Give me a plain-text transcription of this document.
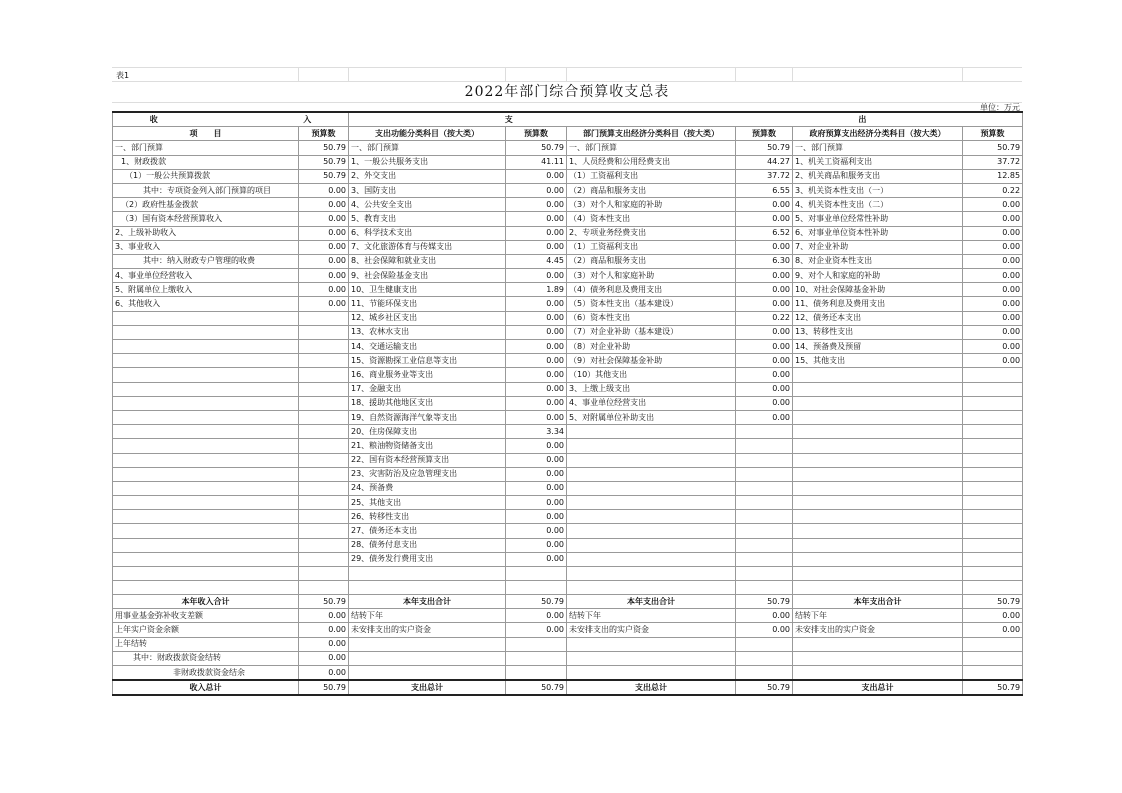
表1
2022年部门综合预算收支总表
单位：万元
收 入		支 出					
项　　目	预算数	支出功能分类科目（按大类）	预算数	部门预算支出经济分类科目（按大类）	预算数	政府预算支出经济分类科目（按大类）	预算数
一、部门预算	50.79	一、部门预算	50.79	一、部门预算	50.79	一、部门预算	50.79
1、财政拨款	50.79	1、一般公共服务支出	41.11	1、人员经费和公用经费支出	44.27	1、机关工资福利支出	37.72
（1）一般公共预算拨款	50.79	2、外交支出	0.00	（1）工资福利支出	37.72	2、机关商品和服务支出	12.85
其中：专项资金列入部门预算的项目	0.00	3、国防支出	0.00	（2）商品和服务支出	6.55	3、机关资本性支出（一）	0.22
（2）政府性基金拨款	0.00	4、公共安全支出	0.00	（3）对个人和家庭的补助	0.00	4、机关资本性支出（二）	0.00
（3）国有资本经营预算收入	0.00	5、教育支出	0.00	（4）资本性支出	0.00	5、对事业单位经常性补助	0.00
2、上级补助收入	0.00	6、科学技术支出	0.00	2、专项业务经费支出	6.52	6、对事业单位资本性补助	0.00
3、事业收入	0.00	7、文化旅游体育与传媒支出	0.00	（1）工资福利支出	0.00	7、对企业补助	0.00
其中：纳入财政专户管理的收费	0.00	8、社会保障和就业支出	4.45	（2）商品和服务支出	6.30	8、对企业资本性支出	0.00
4、事业单位经营收入	0.00	9、社会保险基金支出	0.00	（3）对个人和家庭补助	0.00	9、对个人和家庭的补助	0.00
5、附属单位上缴收入	0.00	10、卫生健康支出	1.89	（4）债务利息及费用支出	0.00	10、对社会保障基金补助	0.00
6、其他收入	0.00	11、节能环保支出	0.00	（5）资本性支出（基本建设）	0.00	11、债务利息及费用支出	0.00
		12、城乡社区支出	0.00	（6）资本性支出	0.22	12、债务还本支出	0.00
		13、农林水支出	0.00	（7）对企业补助（基本建设）	0.00	13、转移性支出	0.00
		14、交通运输支出	0.00	（8）对企业补助	0.00	14、预备费及预留	0.00
		15、资源勘探工业信息等支出	0.00	（9）对社会保障基金补助	0.00	15、其他支出	0.00
		16、商业服务业等支出	0.00	（10）其他支出	0.00		
		17、金融支出	0.00	3、上缴上级支出	0.00		
		18、援助其他地区支出	0.00	4、事业单位经营支出	0.00		
		19、自然资源海洋气象等支出	0.00	5、对附属单位补助支出	0.00		
		20、住房保障支出	3.34				
		21、粮油物资储备支出	0.00				
		22、国有资本经营预算支出	0.00				
		23、灾害防治及应急管理支出	0.00				
		24、预备费	0.00				
		25、其他支出	0.00				
		26、转移性支出	0.00				
		27、债务还本支出	0.00				
		28、债务付息支出	0.00				
		29、债务发行费用支出	0.00				

本年收入合计	50.79	本年支出合计	50.79	本年支出合计	50.79	本年支出合计	50.79
用事业基金弥补收支差额	0.00	结转下年	0.00	结转下年	0.00	结转下年	0.00
上年实户资金余额	0.00	未安排支出的实户资金	0.00	未安排支出的实户资金	0.00	未安排支出的实户资金	0.00
上年结转	0.00						
其中：财政拨款资金结转	0.00						
非财政拨款资金结余	0.00						
收入总计	50.79	支出总计	50.79	支出总计	50.79	支出总计	50.79
